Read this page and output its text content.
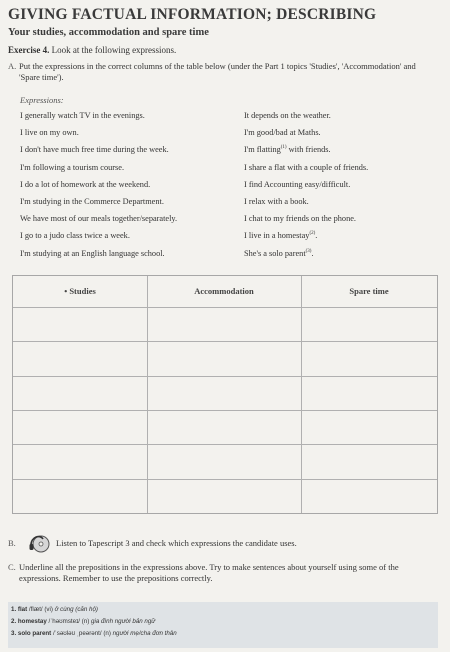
GIVING FACTUAL INFORMATION; DESCRIBING
Your studies, accommodation and spare time
Exercise 4. Look at the following expressions.
A. Put the expressions in the correct columns of the table below (under the Part 1 topics 'Studies', 'Accommodation' and 'Spare time').
Expressions:
I generally watch TV in the evenings.
I live on my own.
I don't have much free time during the week.
I'm following a tourism course.
I do a lot of homework at the weekend.
I'm studying in the Commerce Department.
We have most of our meals together/separately.
I go to a judo class twice a week.
I'm studying at an English language school.
It depends on the weather.
I'm good/bad at Maths.
I'm flatting$^{(1)}$ with friends.
I share a flat with a couple of friends.
I find Accounting easy/difficult.
I relax with a book.
I chat to my friends on the phone.
I live in a homestay$^{(2)}$.
She's a solo parent$^{(3)}$.
• Studies	Accommodation	Spare time
B.	Listen to Tapescript 3 and check which expressions the candidate uses.
C. Underline all the prepositions in the expressions above. Try to make sentences about yourself using some of the expressions. Remember to use the prepositions correctly.
1. flat /flæt/ (vi) ở cùng (căn hộ)
2. homestay /ˈhəʊmsteɪ/ (n) gia đình người bản ngữ
3. solo parent /ˈsəʊləʊ ˌpeərənt/ (n) người mẹ/cha đơn thân
